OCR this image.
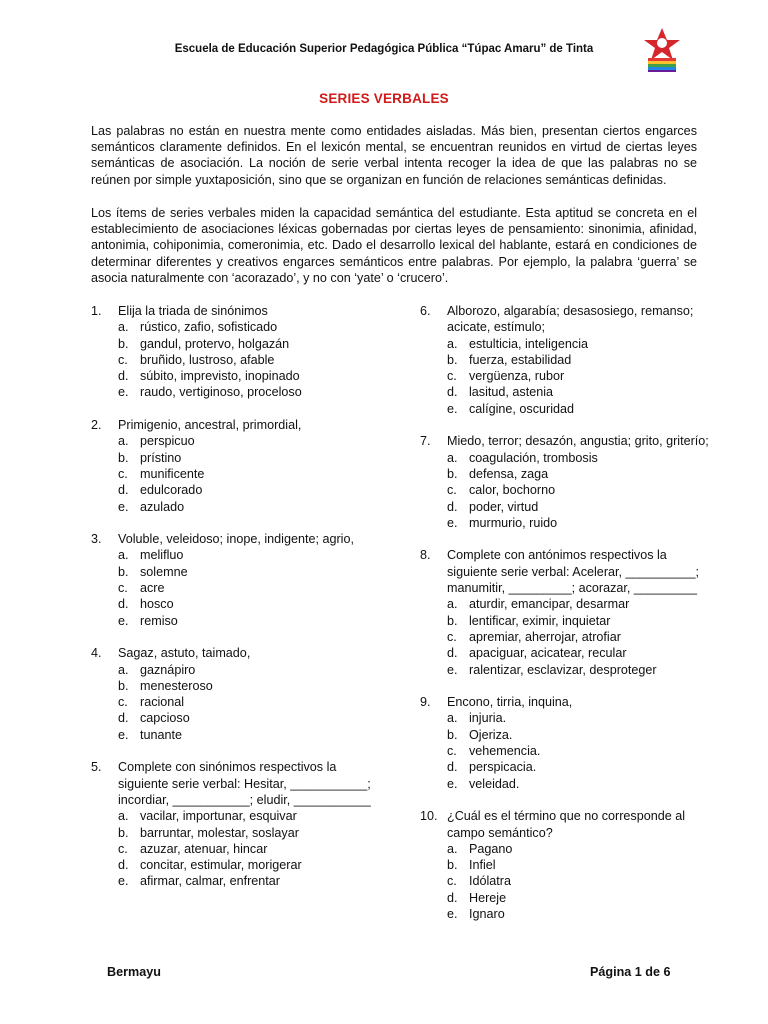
Escuela de Educación Superior Pedagógica Pública “Túpac Amaru” de Tinta
SERIES VERBALES
Las palabras no están en nuestra mente como entidades aisladas. Más bien, presentan ciertos engarces semánticos claramente definidos. En el lexicón mental, se encuentran reunidos en virtud de ciertas leyes semánticas de asociación. La noción de serie verbal intenta recoger la idea de que las palabras no se reúnen por simple yuxtaposición, sino que se organizan en función de relaciones semánticas definidas.
Los ítems de series verbales miden la capacidad semántica del estudiante. Esta aptitud se concreta en el establecimiento de asociaciones léxicas gobernadas por ciertas leyes de pensamiento: sinonimia, afinidad, antonimia, cohiponimia, comeronimia, etc. Dado el desarrollo lexical del hablante, estará en condiciones de determinar diferentes y creativos engarces semánticos entre palabras. Por ejemplo, la palabra ‘guerra’ se asocia naturalmente con ‘acorazado’, y no con ‘yate’ o ‘crucero’.
1.	Elija la triada de sinónimos
a. rústico, zafio, sofisticado
b. gandul, protervo, holgazán
c. bruñido, lustroso, afable
d. súbito, imprevisto, inopinado
e. raudo, vertiginoso, proceloso
2.	Primigenio, ancestral, primordial,
a. perspicuo
b. prístino
c. munificente
d. edulcorado
e. azulado
3.	Voluble, veleidoso; inope, indigente; agrio,
a. melifluo
b. solemne
c. acre
d. hosco
e. remiso
4.	Sagaz, astuto, taimado,
a. gaznápiro
b. menesteroso
c. racional
d. capcioso
e. tunante
5.	Complete con sinónimos respectivos la siguiente serie verbal: Hesitar, ___________; incordiar, ___________; eludir, ___________
a. vacilar, importunar, esquivar
b. barruntar, molestar, soslayar
c. azuzar, atenuar, hincar
d. concitar, estimular, morigerar
e. afirmar, calmar, enfrentar
6.	Alborozo, algarabía; desasosiego, remanso; acicate, estímulo;
a. estulticia, inteligencia
b. fuerza, estabilidad
c. vergüenza, rubor
d. lasitud, astenia
e. calígine, oscuridad
7.	Miedo, terror; desazón, angustia; grito, griterío;
a. coagulación, trombosis
b. defensa, zaga
c. calor, bochorno
d. poder, virtud
e. murmurio, ruido
8.	Complete con antónimos respectivos la siguiente serie verbal: Acelerar, __________; manumitir, _________; acorazar, _________
a. aturdir, emancipar, desarmar
b. lentificar, eximir, inquietar
c. apremiar, aherrojar, atrofiar
d. apaciguar, acicatear, recular
e. ralentizar, esclavizar, desproteger
9.	Encono, tirria, inquina,
a. injuria.
b. Ojeriza.
c. vehemencia.
d. perspicacia.
e. veleidad.
10. ¿Cuál es el término que no corresponde al campo semántico?
a. Pagano
b. Infiel
c. Idólatra
d. Hereje
e. Ignaro
Bermayu	Página 1 de 6
